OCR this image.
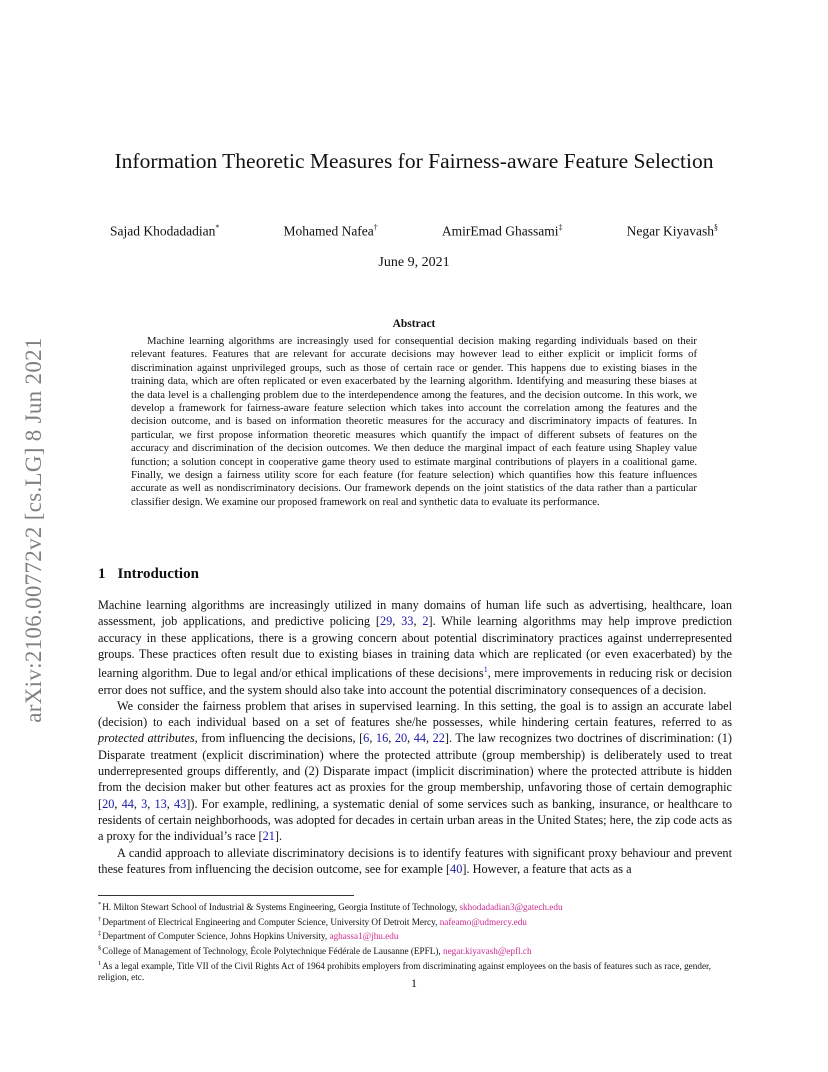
arXiv:2106.00772v2 [cs.LG] 8 Jun 2021
Information Theoretic Measures for Fairness-aware Feature Selection
Sajad Khodadadian*	Mohamed Nafea†	AmirEmad Ghassami‡	Negar Kiyavash§
June 9, 2021
Abstract

Machine learning algorithms are increasingly used for consequential decision making regarding individuals based on their relevant features. Features that are relevant for accurate decisions may however lead to either explicit or implicit forms of discrimination against unprivileged groups, such as those of certain race or gender. This happens due to existing biases in the training data, which are often replicated or even exacerbated by the learning algorithm. Identifying and measuring these biases at the data level is a challenging problem due to the interdependence among the features, and the decision outcome. In this work, we develop a framework for fairness-aware feature selection which takes into account the correlation among the features and the decision outcome, and is based on information theoretic measures for the accuracy and discriminatory impacts of features. In particular, we first propose information theoretic measures which quantify the impact of different subsets of features on the accuracy and discrimination of the decision outcomes. We then deduce the marginal impact of each feature using Shapley value function; a solution concept in cooperative game theory used to estimate marginal contributions of players in a coalitional game. Finally, we design a fairness utility score for each feature (for feature selection) which quantifies how this feature influences accurate as well as nondiscriminatory decisions. Our framework depends on the joint statistics of the data rather than a particular classifier design. We examine our proposed framework on real and synthetic data to evaluate its performance.

1 Introduction

Machine learning algorithms are increasingly utilized in many domains of human life such as advertising, healthcare, loan assessment, job applications, and predictive policing [29, 33, 2]. While learning algorithms may help improve prediction accuracy in these applications, there is a growing concern about potential discriminatory practices against underrepresented groups. These practices often result due to existing biases in training data which are replicated (or even exacerbated) by the learning algorithm. Due to legal and/or ethical implications of these decisions$^1$, mere improvements in reducing risk or decision error does not suffice, and the system should also take into account the potential discriminatory consequences of a decision.

We consider the fairness problem that arises in supervised learning. In this setting, the goal is to assign an accurate label (decision) to each individual based on a set of features she/he possesses, while hindering certain features, referred to as protected attributes, from influencing the decisions, [6, 16, 20, 44, 22]. The law recognizes two doctrines of discrimination: (1) Disparate treatment (explicit discrimination) where the protected attribute (group membership) is deliberately used to treat underrepresented groups differently, and (2) Disparate impact (implicit discrimination) where the protected attribute is hidden from the decision maker but other features act as proxies for the group membership, unfavoring those of certain demographic [20, 44, 3, 13, 43]). For example, redlining, a systematic denial of some services such as banking, insurance, or healthcare to residents of certain neighborhoods, was adopted for decades in certain urban areas in the United States; here, the zip code acts as a proxy for the individual’s race [21].

A candid approach to alleviate discriminatory decisions is to identify features with significant proxy behaviour and prevent these features from influencing the decision outcome, see for example [40]. However, a feature that acts as a

*H. Milton Stewart School of Industrial & Systems Engineering, Georgia Institute of Technology, skhodadadian3@gatech.edu

†Department of Electrical Engineering and Computer Science, University Of Detroit Mercy, nafeamo@udmercy.edu

‡Department of Computer Science, Johns Hopkins University, aghassa1@jhu.edu

§College of Management of Technology, École Polytechnique Fédérale de Lausanne (EPFL), negar.kiyavash@epfl.ch

$^1$As a legal example, Title VII of the Civil Rights Act of 1964 prohibits employers from discriminating against employees on the basis of features such as race, gender, religion, etc.	1
